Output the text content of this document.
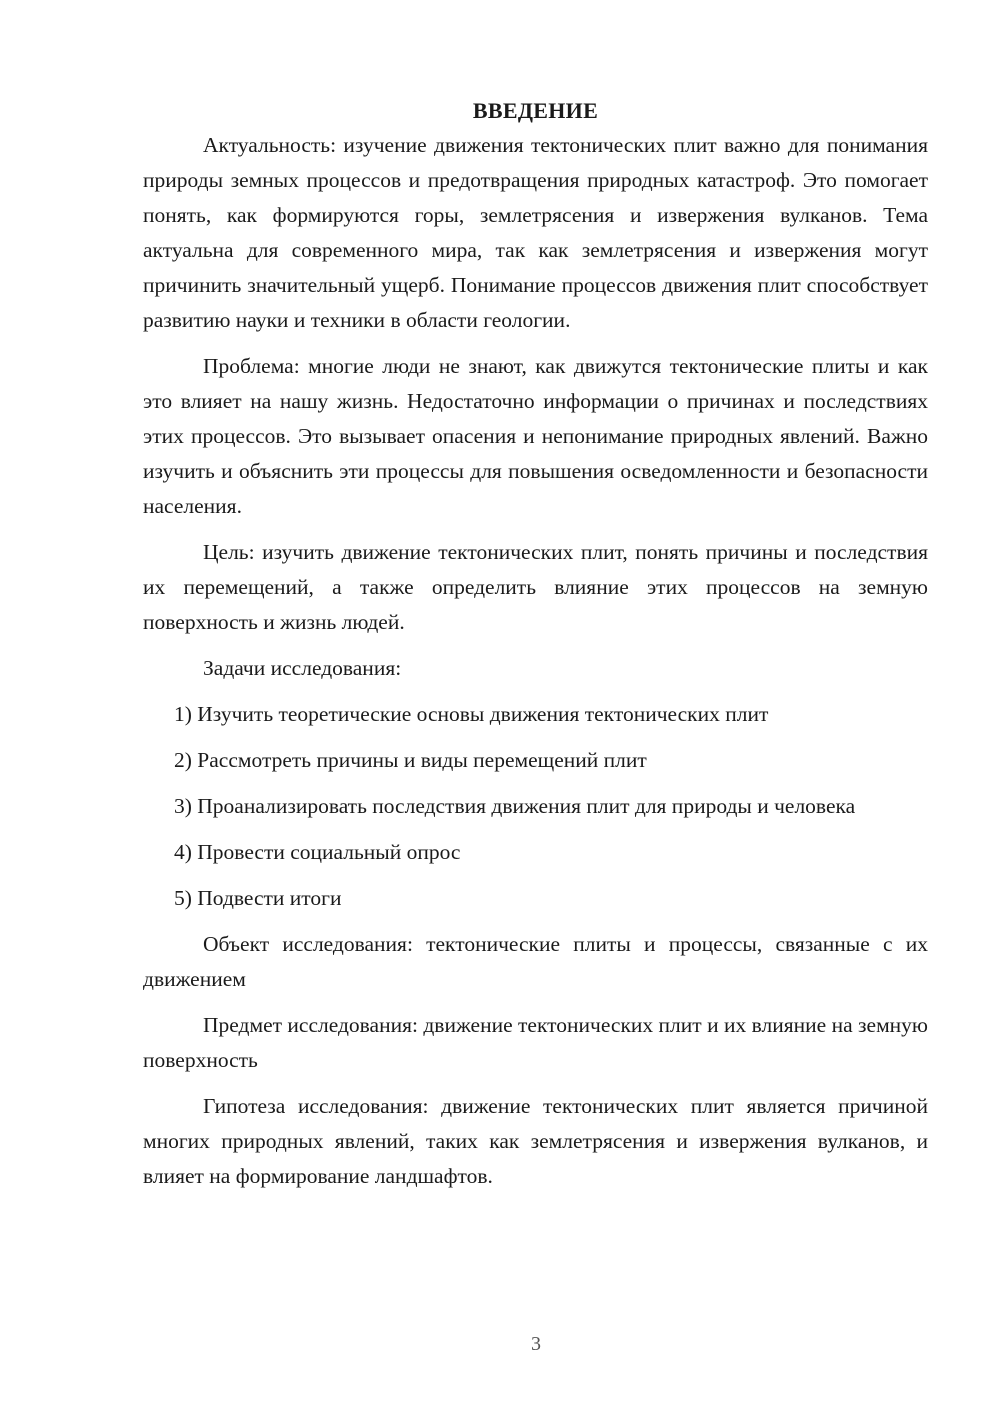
ВВЕДЕНИЕ

Актуальность: изучение движения тектонических плит важно для понимания природы земных процессов и предотвращения природных катастроф. Это помогает понять, как формируются горы, землетрясения и извержения вулканов. Тема актуальна для современного мира, так как землетрясения и извержения могут причинить значительный ущерб. Понимание процессов движения плит способствует развитию науки и техники в области геологии.

Проблема: многие люди не знают, как движутся тектонические плиты и как это влияет на нашу жизнь. Недостаточно информации о причинах и последствиях этих процессов. Это вызывает опасения и непонимание природных явлений. Важно изучить и объяснить эти процессы для повышения осведомленности и безопасности населения.

Цель: изучить движение тектонических плит, понять причины и последствия их перемещений, а также определить влияние этих процессов на земную поверхность и жизнь людей.

Задачи исследования:

1) Изучить теоретические основы движения тектонических плит

2) Рассмотреть причины и виды перемещений плит

3) Проанализировать последствия движения плит для природы и человека

4) Провести социальный опрос

5) Подвести итоги

Объект исследования: тектонические плиты и процессы, связанные с их движением

Предмет исследования: движение тектонических плит и их влияние на земную поверхность

Гипотеза исследования: движение тектонических плит является причиной многих природных явлений, таких как землетрясения и извержения вулканов, и влияет на формирование ландшафтов.

3
